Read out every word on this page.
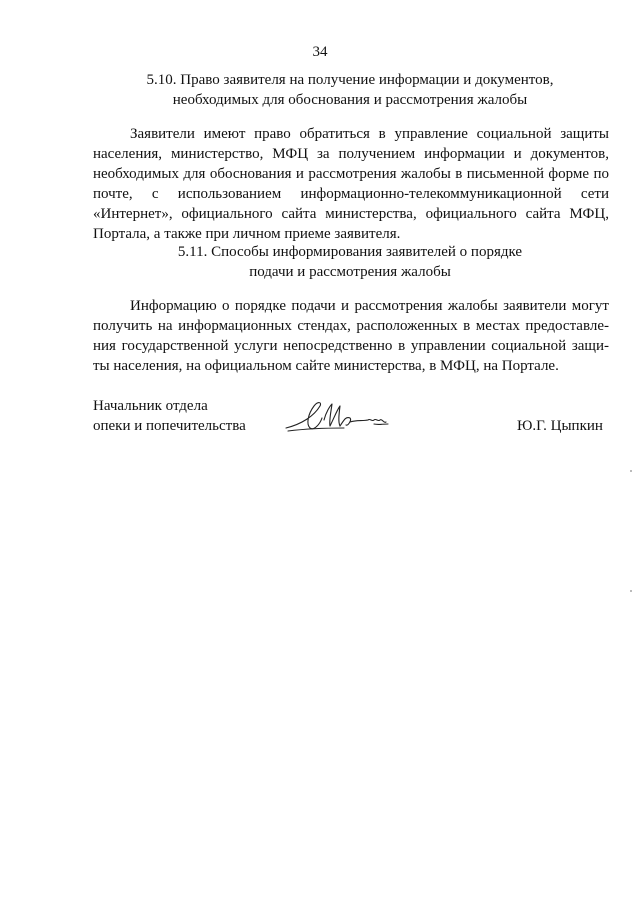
34
5.10. Право заявителя на получение информации и документов,
необходимых для обоснования и рассмотрения жалобы
Заявители имеют право обратиться в управление социальной защиты
населения, министерство, МФЦ за получением информации и документов,
необходимых для обоснования и рассмотрения жалобы в письменной форме по
почте, с использованием информационно-телекоммуникационной сети
«Интернет», официального сайта министерства, официального сайта МФЦ,
Портала, а также при личном приеме заявителя.
5.11. Способы информирования заявителей о порядке
подачи и рассмотрения жалобы
Информацию о порядке подачи и рассмотрения жалобы заявители могут
получить на информационных стендах, расположенных в местах предоставле-
ния государственной услуги непосредственно в управлении социальной защи-
ты населения, на официальном сайте министерства, в МФЦ, на Портале.
Начальник отдела
опеки и попечительства	Ю.Г. Цыпкин
